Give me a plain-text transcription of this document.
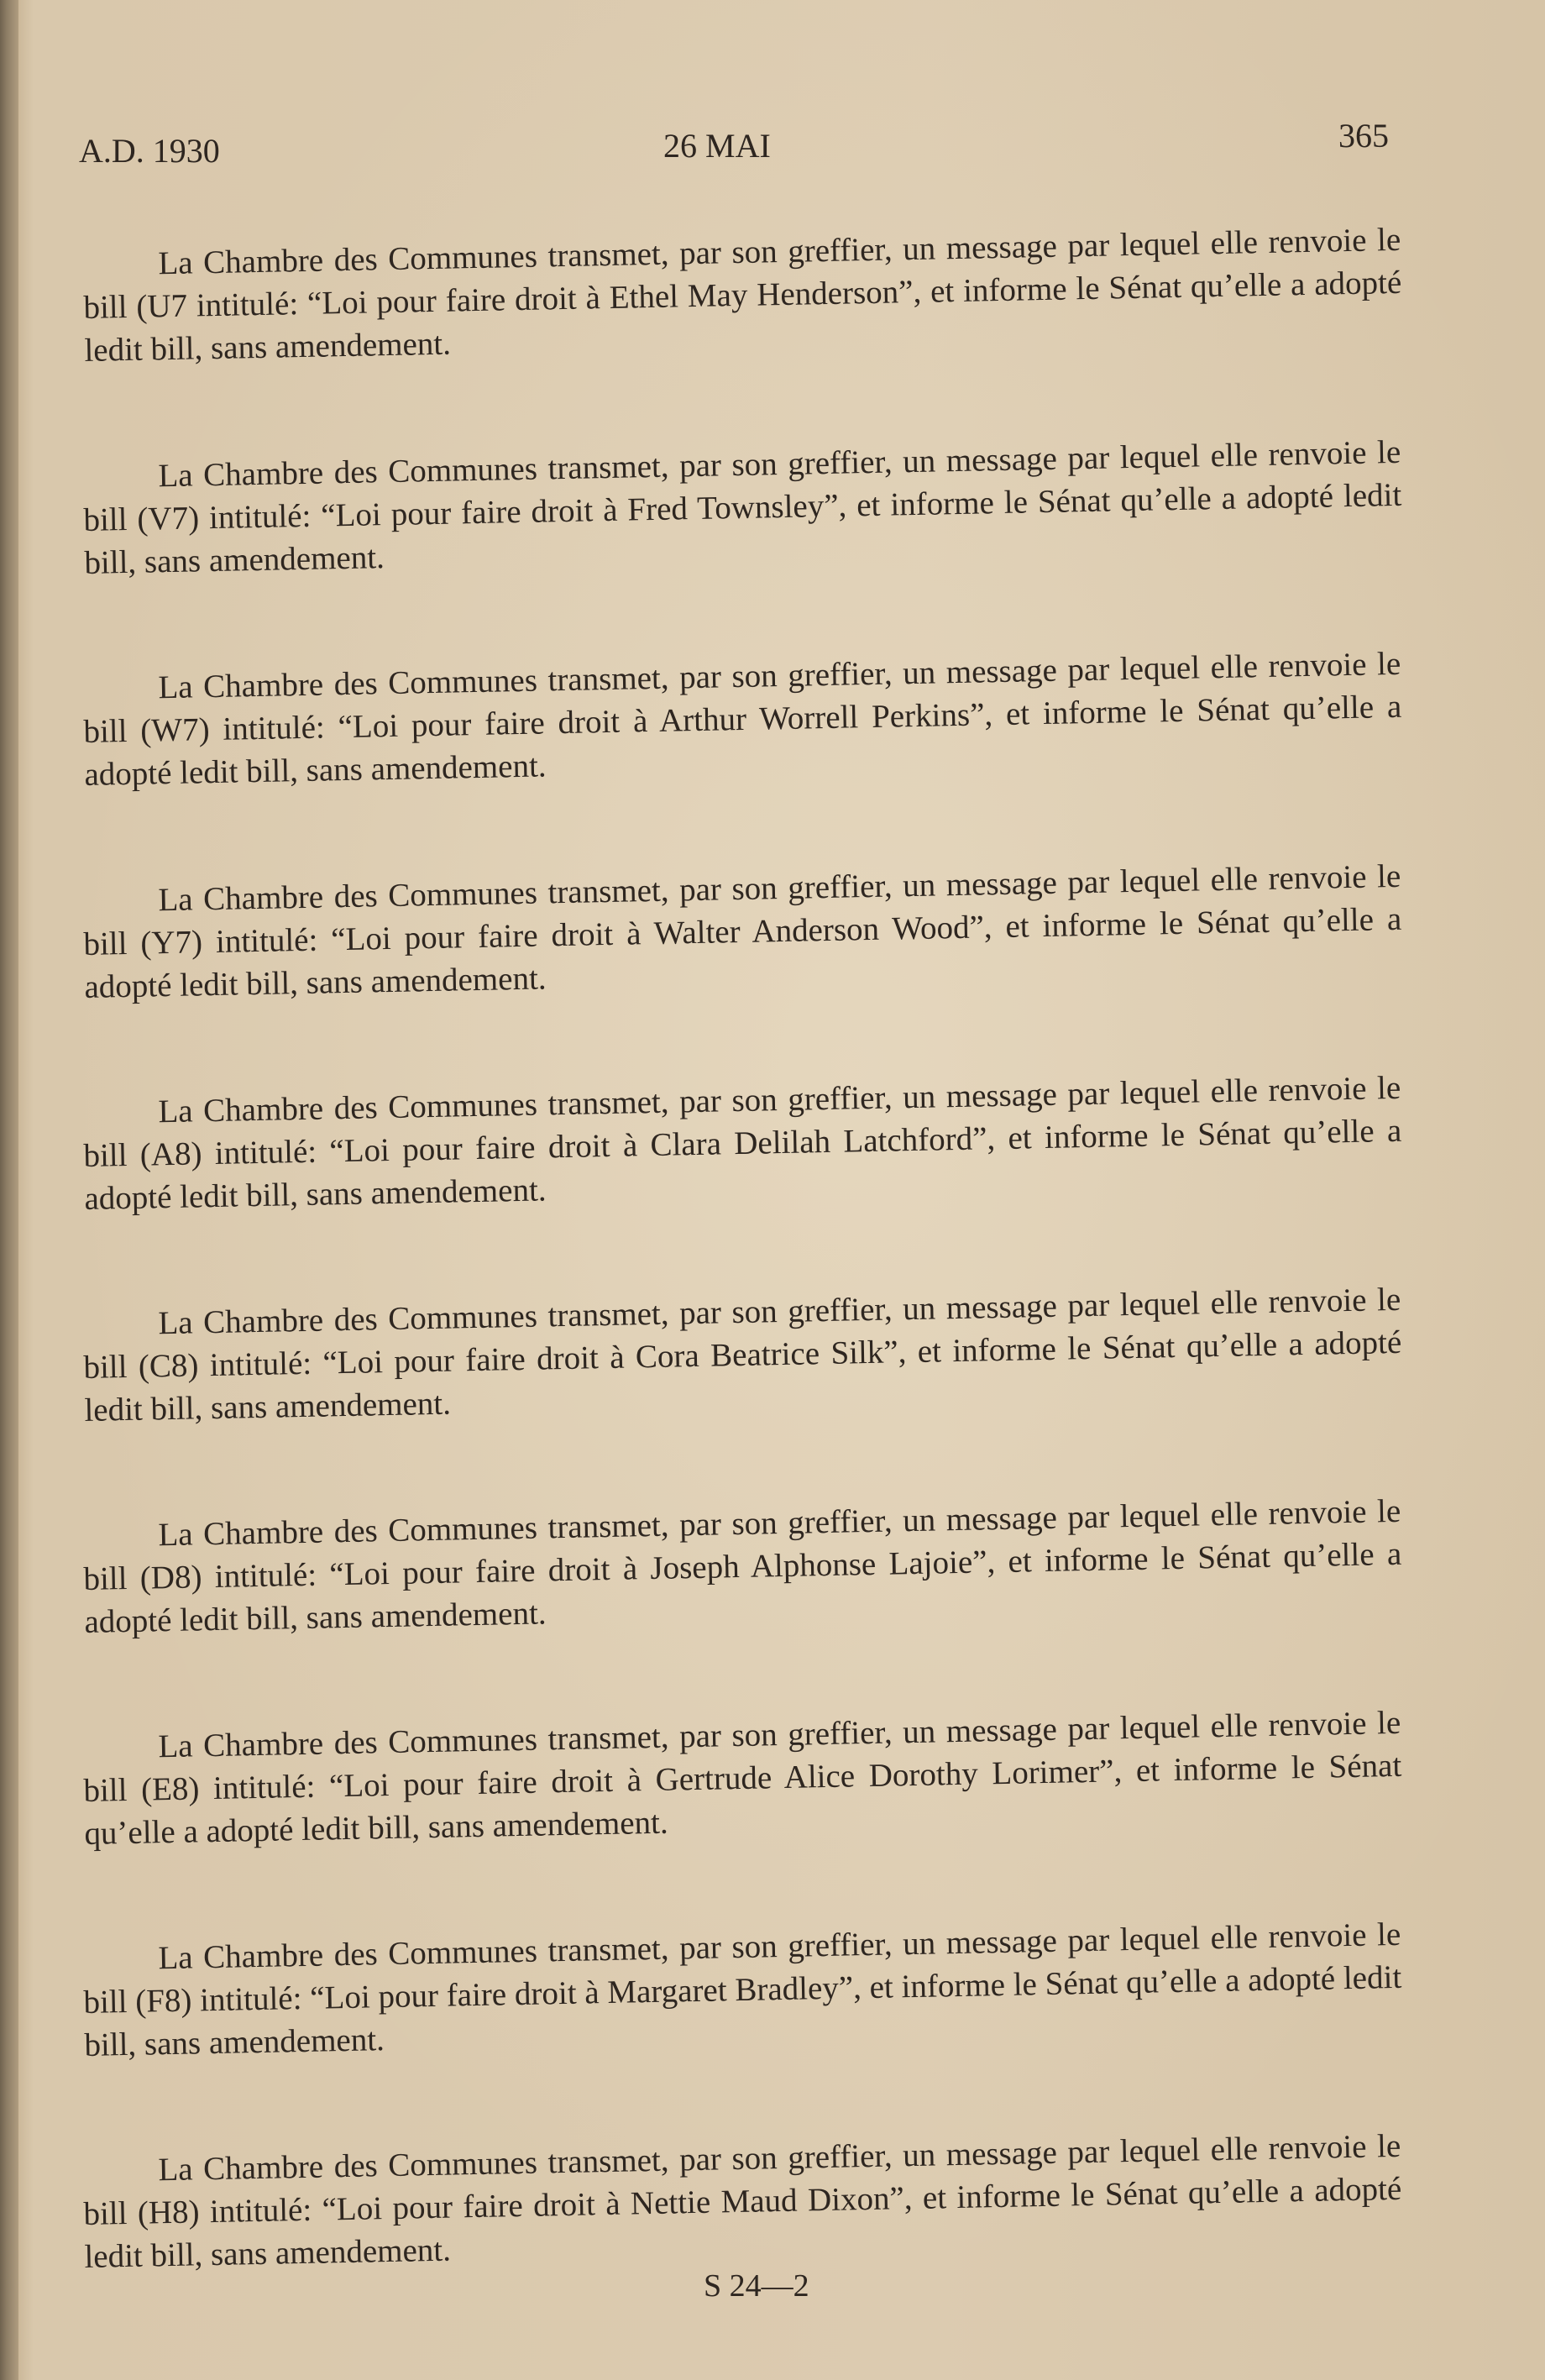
A.D. 1930	26 MAI	365

La Chambre des Communes transmet, par son greffier, un message par lequel elle renvoie le bill (U7 intitulé: “Loi pour faire droit à Ethel May Henderson”, et informe le Sénat qu’elle a adopté ledit bill, sans amendement.

La Chambre des Communes transmet, par son greffier, un message par lequel elle renvoie le bill (V7) intitulé: “Loi pour faire droit à Fred Townsley”, et informe le Sénat qu’elle a adopté ledit bill, sans amendement.

La Chambre des Communes transmet, par son greffier, un message par lequel elle renvoie le bill (W7) intitulé: “Loi pour faire droit à Arthur Worrell Perkins”, et informe le Sénat qu’elle a adopté ledit bill, sans amendement.

La Chambre des Communes transmet, par son greffier, un message par lequel elle renvoie le bill (Y7) intitulé: “Loi pour faire droit à Walter Anderson Wood”, et informe le Sénat qu’elle a adopté ledit bill, sans amendement.

La Chambre des Communes transmet, par son greffier, un message par lequel elle renvoie le bill (A8) intitulé: “Loi pour faire droit à Clara Delilah Latchford”, et informe le Sénat qu’elle a adopté ledit bill, sans amendement.

La Chambre des Communes transmet, par son greffier, un message par lequel elle renvoie le bill (C8) intitulé: “Loi pour faire droit à Cora Beatrice Silk”, et informe le Sénat qu’elle a adopté ledit bill, sans amendement.

La Chambre des Communes transmet, par son greffier, un message par lequel elle renvoie le bill (D8) intitulé: “Loi pour faire droit à Joseph Alphonse Lajoie”, et informe le Sénat qu’elle a adopté ledit bill, sans amendement.

La Chambre des Communes transmet, par son greffier, un message par lequel elle renvoie le bill (E8) intitulé: “Loi pour faire droit à Gertrude Alice Dorothy Lorimer”, et informe le Sénat qu’elle a adopté ledit bill, sans amendement.

La Chambre des Communes transmet, par son greffier, un message par lequel elle renvoie le bill (F8) intitulé: “Loi pour faire droit à Margaret Bradley”, et informe le Sénat qu’elle a adopté ledit bill, sans amendement.

La Chambre des Communes transmet, par son greffier, un message par lequel elle renvoie le bill (H8) intitulé: “Loi pour faire droit à Nettie Maud Dixon”, et informe le Sénat qu’elle a adopté ledit bill, sans amendement.

S 24—2
